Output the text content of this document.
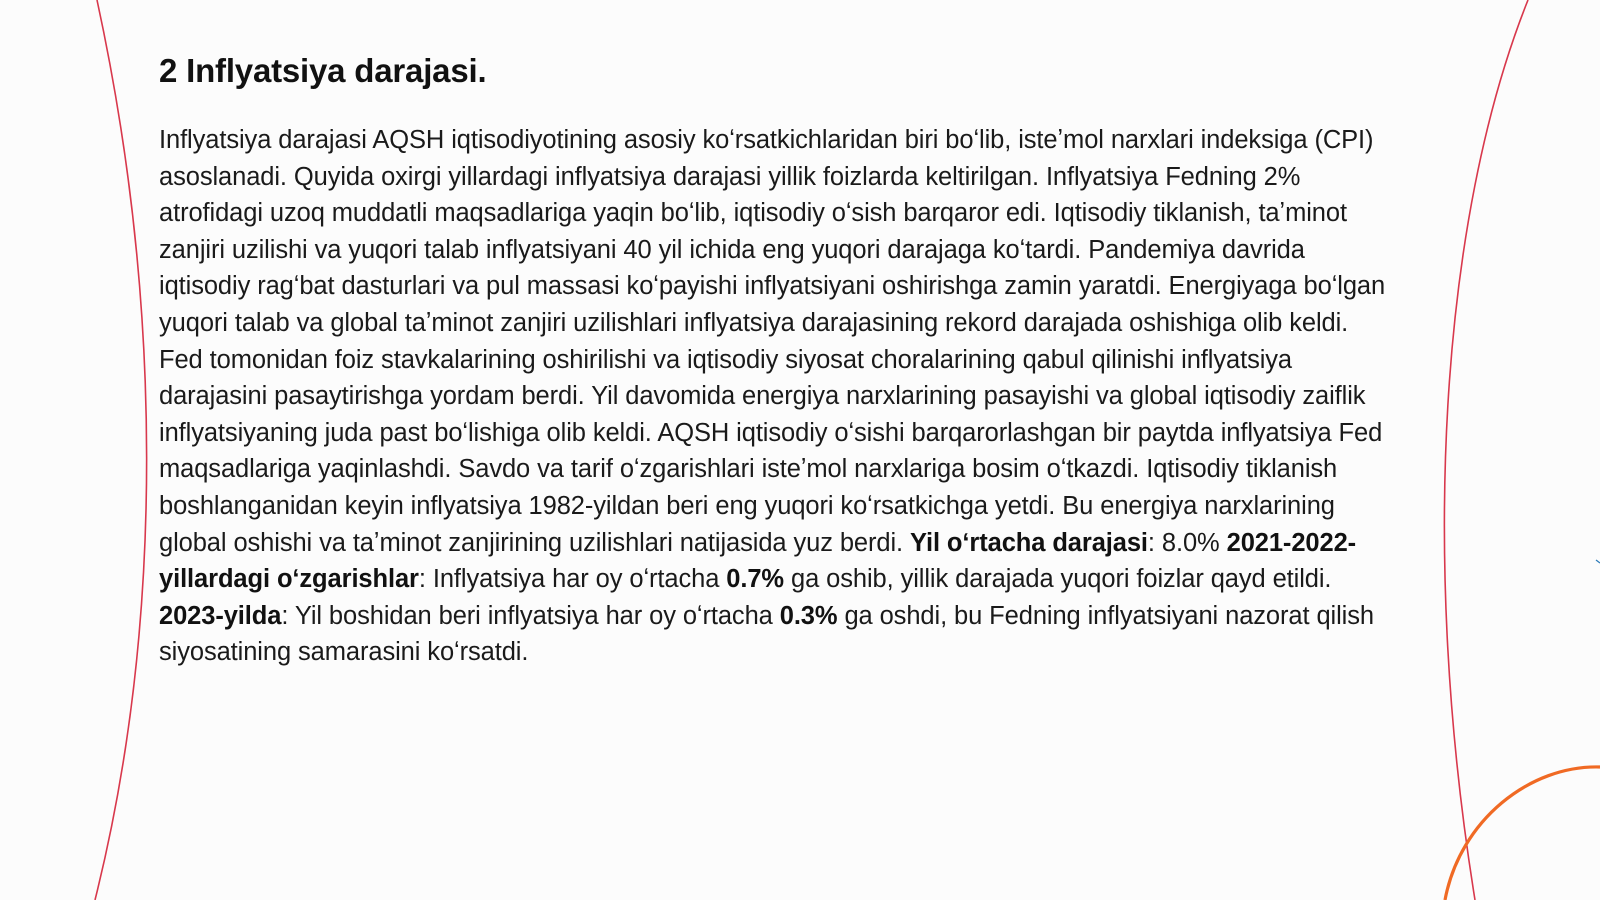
2 Inflyatsiya darajasi.

Inflyatsiya darajasi AQSH iqtisodiyotining asosiy koʻrsatkichlaridan biri boʻlib, isteʼmol narxlari indeksiga (CPI) asoslanadi. Quyida oxirgi yillardagi inflyatsiya darajasi yillik foizlarda keltirilgan. Inflyatsiya Fedning 2% atrofidagi uzoq muddatli maqsadlariga yaqin boʻlib, iqtisodiy oʻsish barqaror edi. Iqtisodiy tiklanish, taʼminot zanjiri uzilishi va yuqori talab inflyatsiyani 40 yil ichida eng yuqori darajaga koʻtardi. Pandemiya davrida iqtisodiy ragʻbat dasturlari va pul massasi koʻpayishi inflyatsiyani oshirishga zamin yaratdi. Energiyaga boʻlgan yuqori talab va global taʼminot zanjiri uzilishlari inflyatsiya darajasining rekord darajada oshishiga olib keldi. Fed tomonidan foiz stavkalarining oshirilishi va iqtisodiy siyosat choralarining qabul qilinishi inflyatsiya darajasini pasaytirishga yordam berdi. Yil davomida energiya narxlarining pasayishi va global iqtisodiy zaiflik inflyatsiyaning juda past boʻlishiga olib keldi. AQSH iqtisodiy oʻsishi barqarorlashgan bir paytda inflyatsiya Fed maqsadlariga yaqinlashdi. Savdo va tarif oʻzgarishlari isteʼmol narxlariga bosim oʻtkazdi. Iqtisodiy tiklanish boshlanganidan keyin inflyatsiya 1982-yildan beri eng yuqori koʻrsatkichga yetdi. Bu energiya narxlarining global oshishi va taʼminot zanjirining uzilishlari natijasida yuz berdi. Yil oʻrtacha darajasi: 8.0% 2021-2022-yillardagi oʻzgarishlar: Inflyatsiya har oy oʻrtacha 0.7% ga oshib, yillik darajada yuqori foizlar qayd etildi. 2023-yilda: Yil boshidan beri inflyatsiya har oy oʻrtacha 0.3% ga oshdi, bu Fedning inflyatsiyani nazorat qilish siyosatining samarasini koʻrsatdi.
